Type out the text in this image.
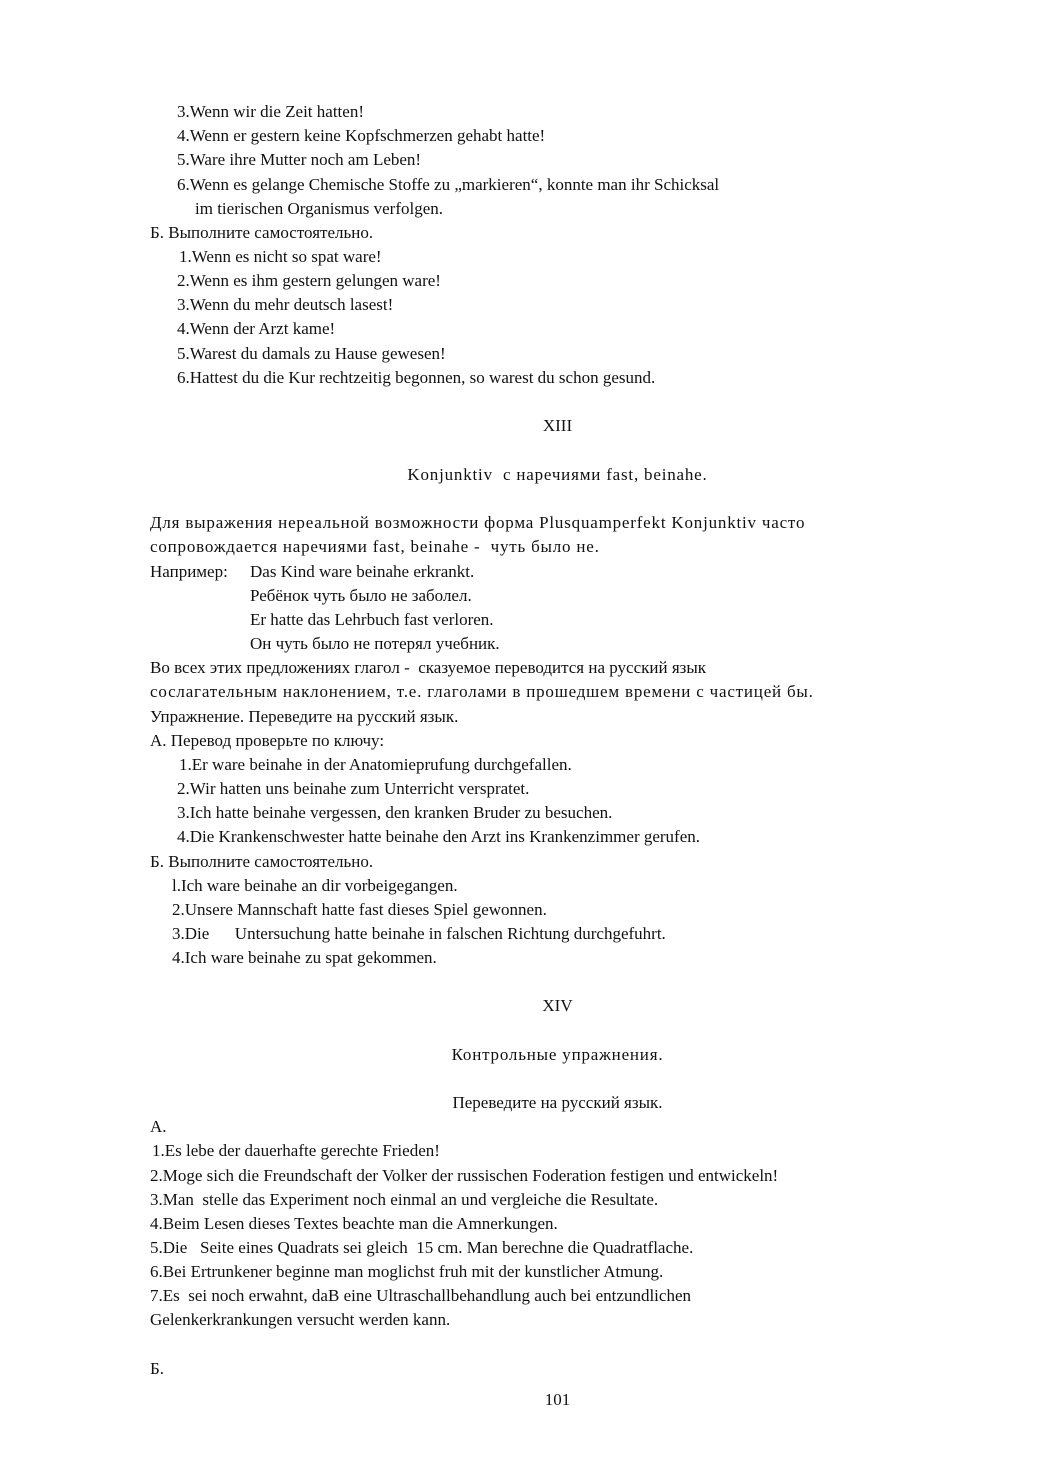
3.Wenn wir die Zeit hatten!
4.Wenn er gestern keine Kopfschmerzen gehabt hatte!
5.Ware ihre Mutter noch am Leben!
6.Wenn es gelange Chemische Stoffe zu „markieren“, konnte man ihr Schicksal
im tierischen Organismus verfolgen.
Б. Выполните самостоятельно.
1.Wenn es nicht so spat ware!
2.Wenn es ihm gestern gelungen ware!
3.Wenn du mehr deutsch lasest!
4.Wenn der Arzt kame!
5.Warest du damals zu Hause gewesen!
6.Hattest du die Kur rechtzeitig begonnen, so warest du schon gesund.
XIII
Konjunktiv  с наречиями fast, beinahe.
Для выражения нереальной возможности форма Plusquamperfekt Konjunktiv часто
сопровождается наречиями fast, beinahe -  чуть было не.
Например: Das Kind ware beinahe erkrankt.
Ребёнок чуть было не заболел.
Er hatte das Lehrbuch fast verloren.
Он чуть было не потерял учебник.
Во всех этих предложениях глагол -  сказуемое переводится на русский язык
сослагательным наклонением, т.е. глаголами в прошедшем времени с частицей бы.
Упражнение. Переведите на русский язык.
А. Перевод проверьте по ключу:
1.Er ware beinahe in der Anatomieprufung durchgefallen.
2.Wir hatten uns beinahe zum Unterricht verspratet.
3.Ich hatte beinahe vergessen, den kranken Bruder zu besuchen.
4.Die Krankenschwester hatte beinahe den Arzt ins Krankenzimmer gerufen.
Б. Выполните самостоятельно.
l.Ich ware beinahe an dir vorbeigegangen.
2.Unsere Mannschaft hatte fast dieses Spiel gewonnen.
3.Die      Untersuchung hatte beinahe in falschen Richtung durchgefuhrt.
4.Ich ware beinahe zu spat gekommen.
XIV
Контрольные упражнения.
Переведите на русский язык.
А.
1.Es lebe der dauerhafte gerechte Frieden!
2.Moge sich die Freundschaft der Volker der russischen Foderation festigen und entwickeln!
3.Man  stelle das Experiment noch einmal an und vergleiche die Resultate.
4.Beim Lesen dieses Textes beachte man die Amnerkungen.
5.Die   Seite eines Quadrats sei gleich  15 cm. Man berechne die Quadratflache.
6.Bei Ertrunkener beginne man moglichst fruh mit der kunstlicher Atmung.
7.Es  sei noch erwahnt, daB eine Ultraschallbehandlung auch bei entzundlichen
Gelenkerkrankungen versucht werden kann.
Б.
101
